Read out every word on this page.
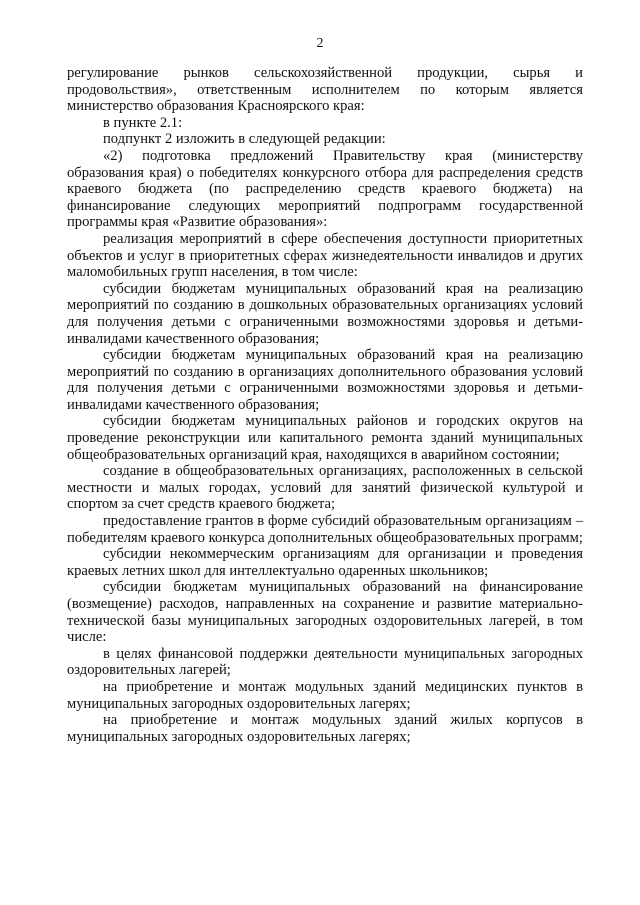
2

регулирование рынков сельскохозяйственной продукции, сырья и продовольствия», ответственным исполнителем по которым является министерство образования Красноярского края:

в пункте 2.1:

подпункт 2 изложить в следующей редакции:

«2) подготовка предложений Правительству края (министерству образования края) о победителях конкурсного отбора для распределения средств краевого бюджета (по распределению средств краевого бюджета) на финансирование следующих мероприятий подпрограмм государственной программы края «Развитие образования»:

реализация мероприятий в сфере обеспечения доступности приоритетных объектов и услуг в приоритетных сферах жизнедеятельности инвалидов и других маломобильных групп населения, в том числе:

субсидии бюджетам муниципальных образований края на реализацию мероприятий по созданию в дошкольных образовательных организациях условий для получения детьми с ограниченными возможностями здоровья и детьми-инвалидами качественного образования;

субсидии бюджетам муниципальных образований края на реализацию мероприятий по созданию в организациях дополнительного образования условий для получения детьми с ограниченными возможностями здоровья и детьми-инвалидами качественного образования;

субсидии бюджетам муниципальных районов и городских округов на проведение реконструкции или капитального ремонта зданий муниципальных общеобразовательных организаций края, находящихся в аварийном состоянии;

создание в общеобразовательных организациях, расположенных в сельской местности и малых городах, условий для занятий физической культурой и спортом за счет средств краевого бюджета;

предоставление грантов в форме субсидий образовательным организациям – победителям краевого конкурса дополнительных общеобразовательных программ;

субсидии некоммерческим организациям для организации и проведения краевых летних школ для интеллектуально одаренных школьников;

субсидии бюджетам муниципальных образований на финансирование (возмещение) расходов, направленных на сохранение и развитие материально-технической базы муниципальных загородных оздоровительных лагерей, в том числе:

в целях финансовой поддержки деятельности муниципальных загородных оздоровительных лагерей;

на приобретение и монтаж модульных зданий медицинских пунктов в муниципальных загородных оздоровительных лагерях;

на приобретение и монтаж модульных зданий жилых корпусов в муниципальных загородных оздоровительных лагерях;
